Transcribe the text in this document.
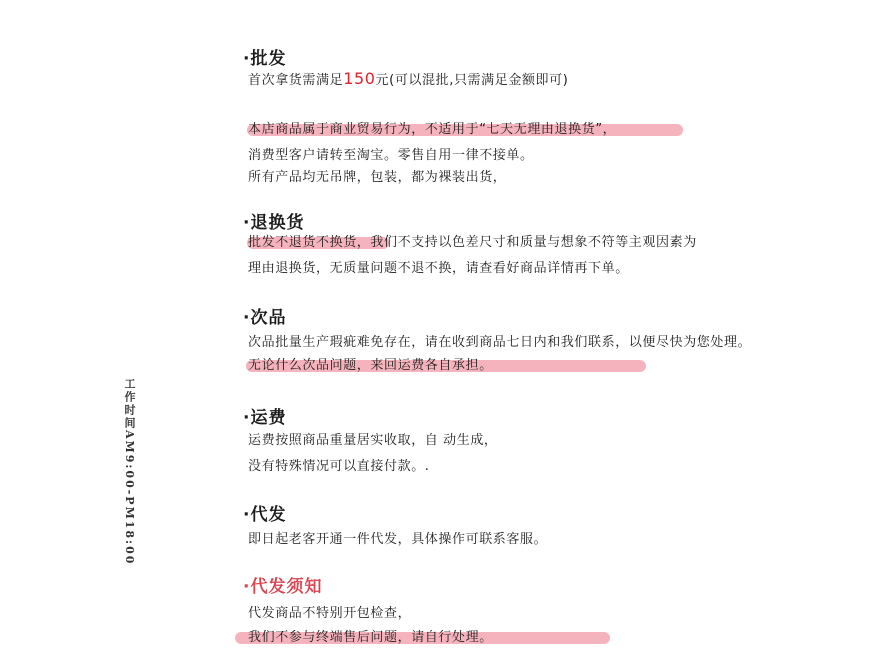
·批发
首次拿货需满足150元(可以混批,只需满足金额即可)
本店商品属于商业贸易行为，不适用于“七天无理由退换货”，
消费型客户请转至淘宝。零售自用一律不接单。
所有产品均无吊牌，包装，都为裸装出货，
·退换货
批发不退货不换货，我们不支持以色差尺寸和质量与想象不符等主观因素为
理由退换货，无质量问题不退不换，请查看好商品详情再下单。
·次品
次品批量生产瑕疵难免存在，请在收到商品七日内和我们联系，以便尽快为您处理。
无论什么次品问题，来回运费各自承担。
·运费
运费按照商品重量居实收取，自 动生成，
没有特殊情况可以直接付款。.
·代发
即日起老客开通一件代发，具体操作可联系客服。
·代发须知
代发商品不特别开包检查，
我们不参与终端售后问题，请自行处理。
工作时间AM9:00-PM18:00
